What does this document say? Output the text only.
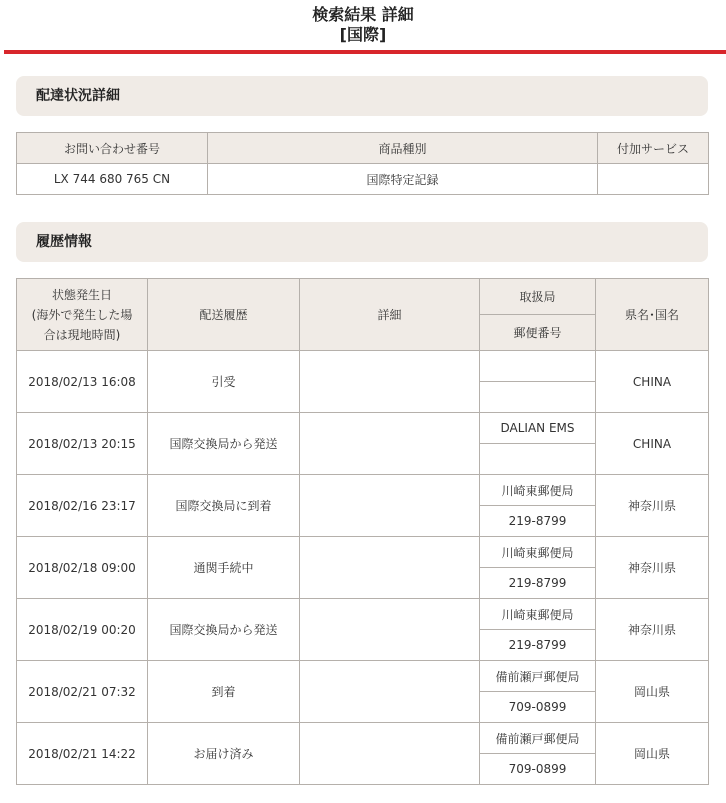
検索結果 詳細
[国際]
配達状況詳細
お問い合わせ番号	商品種別	付加サービス
LX 744 680 765 CN	国際特定記録	
履歴情報
状態発生日
(海外で発生した場
合は現地時間)	配送履歴	詳細	取扱局	県名･国名
			郵便番号	
2018/02/13 16:08	引受			CHINA

2018/02/13 20:15	国際交換局から発送		DALIAN EMS	CHINA

2018/02/16 23:17	国際交換局に到着		川崎東郵便局	神奈川県
			219-8799	
2018/02/18 09:00	通関手続中		川崎東郵便局	神奈川県
			219-8799	
2018/02/19 00:20	国際交換局から発送		川崎東郵便局	神奈川県
			219-8799	
2018/02/21 07:32	到着		備前瀬戸郵便局	岡山県
			709-0899	
2018/02/21 14:22	お届け済み		備前瀬戸郵便局	岡山県
			709-0899	
